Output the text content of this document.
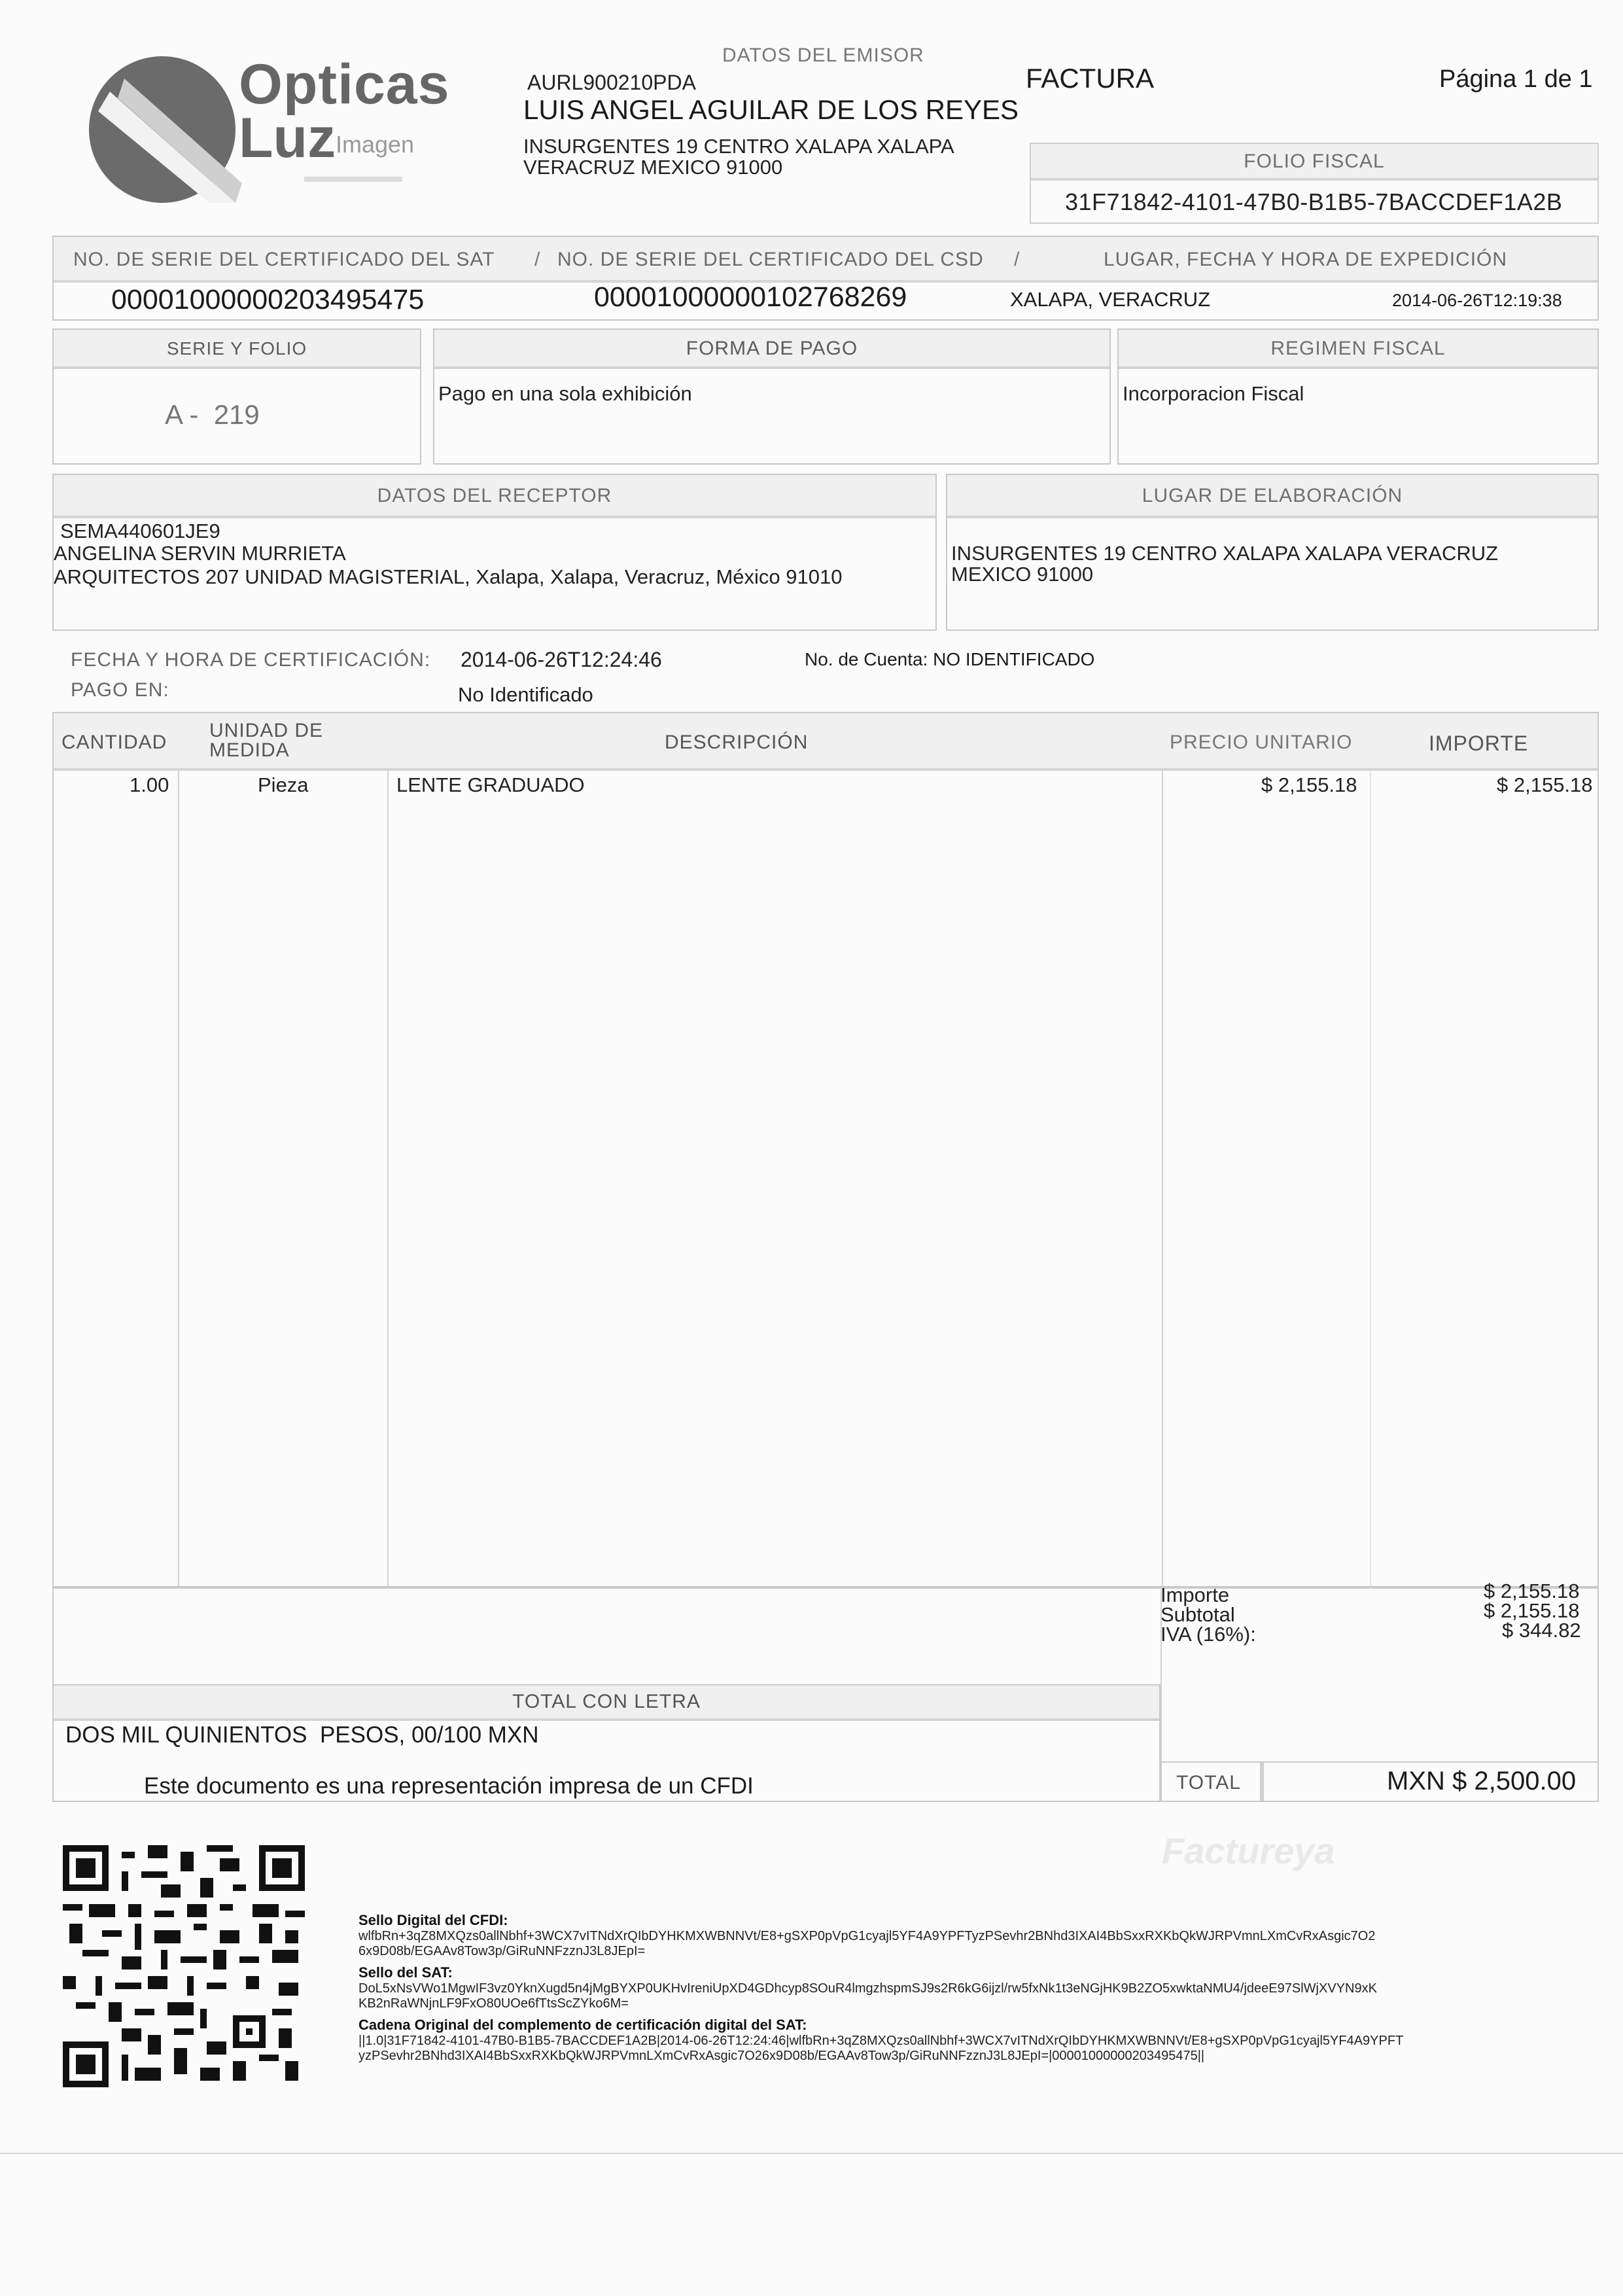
Opticas
Luz Imagen
DATOS DEL EMISOR
AURL900210PDA
LUIS ANGEL AGUILAR DE LOS REYES
INSURGENTES 19 CENTRO XALAPA XALAPA
VERACRUZ MEXICO 91000
FACTURA	Página 1 de 1
FOLIO FISCAL
31F71842-4101-47B0-B1B5-7BACCDEF1A2B
NO. DE SERIE DEL CERTIFICADO DEL SAT / NO. DE SERIE DEL CERTIFICADO DEL CSD /	LUGAR, FECHA Y HORA DE EXPEDICIÓN
00001000000203495475	00001000000102768269	XALAPA, VERACRUZ	2014-06-26T12:19:38
SERIE Y FOLIO
A -  219
FORMA DE PAGO
Pago en una sola exhibición
REGIMEN FISCAL
Incorporacion Fiscal
DATOS DEL RECEPTOR
SEMA440601JE9
ANGELINA SERVIN MURRIETA
ARQUITECTOS 207 UNIDAD MAGISTERIAL, Xalapa, Xalapa, Veracruz, México 91010
LUGAR DE ELABORACIÓN
INSURGENTES 19 CENTRO XALAPA XALAPA VERACRUZ
MEXICO 91000
FECHA Y HORA DE CERTIFICACIÓN: 2014-06-26T12:24:46	No. de Cuenta: NO IDENTIFICADO
PAGO EN:	No Identificado
CANTIDAD
UNIDAD DE
MEDIDA	DESCRIPCIÓN	PRECIO UNITARIO	IMPORTE
1.00	Pieza	LENTE GRADUADO	$ 2,155.18	$ 2,155.18
Importe	$ 2,155.18
Subtotal	$ 2,155.18
IVA (16%):	$ 344.82
TOTAL CON LETRA
DOS MIL QUINIENTOS  PESOS, 00/100 MXN
Este documento es una representación impresa de un CFDI	TOTAL	MXN $ 2,500.00
Factureya
Sello Digital del CFDI:
wlfbRn+3qZ8MXQzs0allNbhf+3WCX7vITNdXrQIbDYHKMXWBNNVt/E8+gSXP0pVpG1cyajl5YF4A9YPFTyzPSevhr2BNhd3IXAI4BbSxxRXKbQkWJRPVmnLXmCvRxAsgic7O2
6x9D08b/EGAAv8Tow3p/GiRuNNFzznJ3L8JEpI=
Sello del SAT:
DoL5xNsVWo1MgwIF3vz0YknXugd5n4jMgBYXP0UKHvIreniUpXD4GDhcyp8SOuR4lmgzhspmSJ9s2R6kG6ijzl/rw5fxNk1t3eNGjHK9B2ZO5xwktaNMU4/jdeeE97SlWjXVYN9xK
KB2nRaWNjnLF9FxO80UOe6fTtsScZYko6M=
Cadena Original del complemento de certificación digital del SAT:
||1.0|31F71842-4101-47B0-B1B5-7BACCDEF1A2B|2014-06-26T12:24:46|wlfbRn+3qZ8MXQzs0allNbhf+3WCX7vITNdXrQIbDYHKMXWBNNVt/E8+gSXP0pVpG1cyajl5YF4A9YPFT
yzPSevhr2BNhd3IXAI4BbSxxRXKbQkWJRPVmnLXmCvRxAsgic7O26x9D08b/EGAAv8Tow3p/GiRuNNFzznJ3L8JEpI=|00001000000203495475||
